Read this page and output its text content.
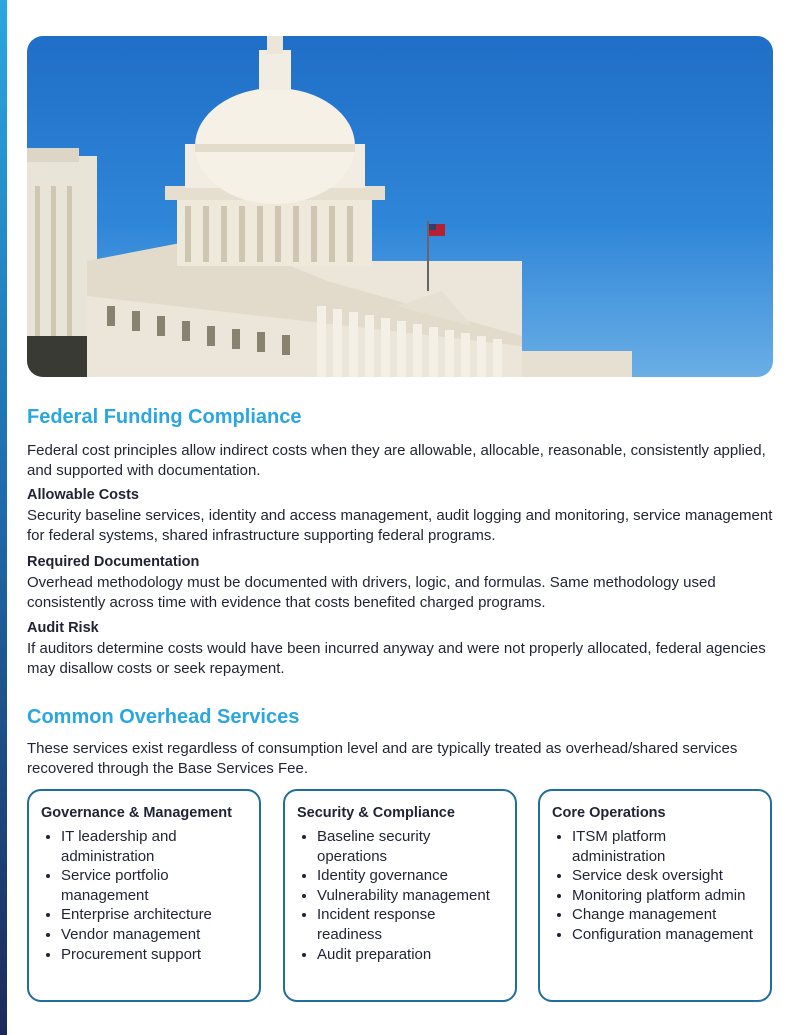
Federal Funding Compliance

Federal cost principles allow indirect costs when they are allowable, allocable, reasonable, consistently applied, and supported with documentation.

Allowable Costs

Security baseline services, identity and access management, audit logging and monitoring, service management for federal systems, shared infrastructure supporting federal programs.

Required Documentation

Overhead methodology must be documented with drivers, logic, and formulas. Same methodology used consistently across time with evidence that costs benefited charged programs.

Audit Risk

If auditors determine costs would have been incurred anyway and were not properly allocated, federal agencies may disallow costs or seek repayment.

Common Overhead Services

These services exist regardless of consumption level and are typically treated as overhead/shared services recovered through the Base Services Fee.

Governance & Management
• IT leadership and administration
• Service portfolio management
• Enterprise architecture
• Vendor management
• Procurement support
Security & Compliance
• Baseline security operations
• Identity governance
• Vulnerability management
• Incident response readiness
• Audit preparation
Core Operations
• ITSM platform administration
• Service desk oversight
• Monitoring platform admin
• Change management
• Configuration management
